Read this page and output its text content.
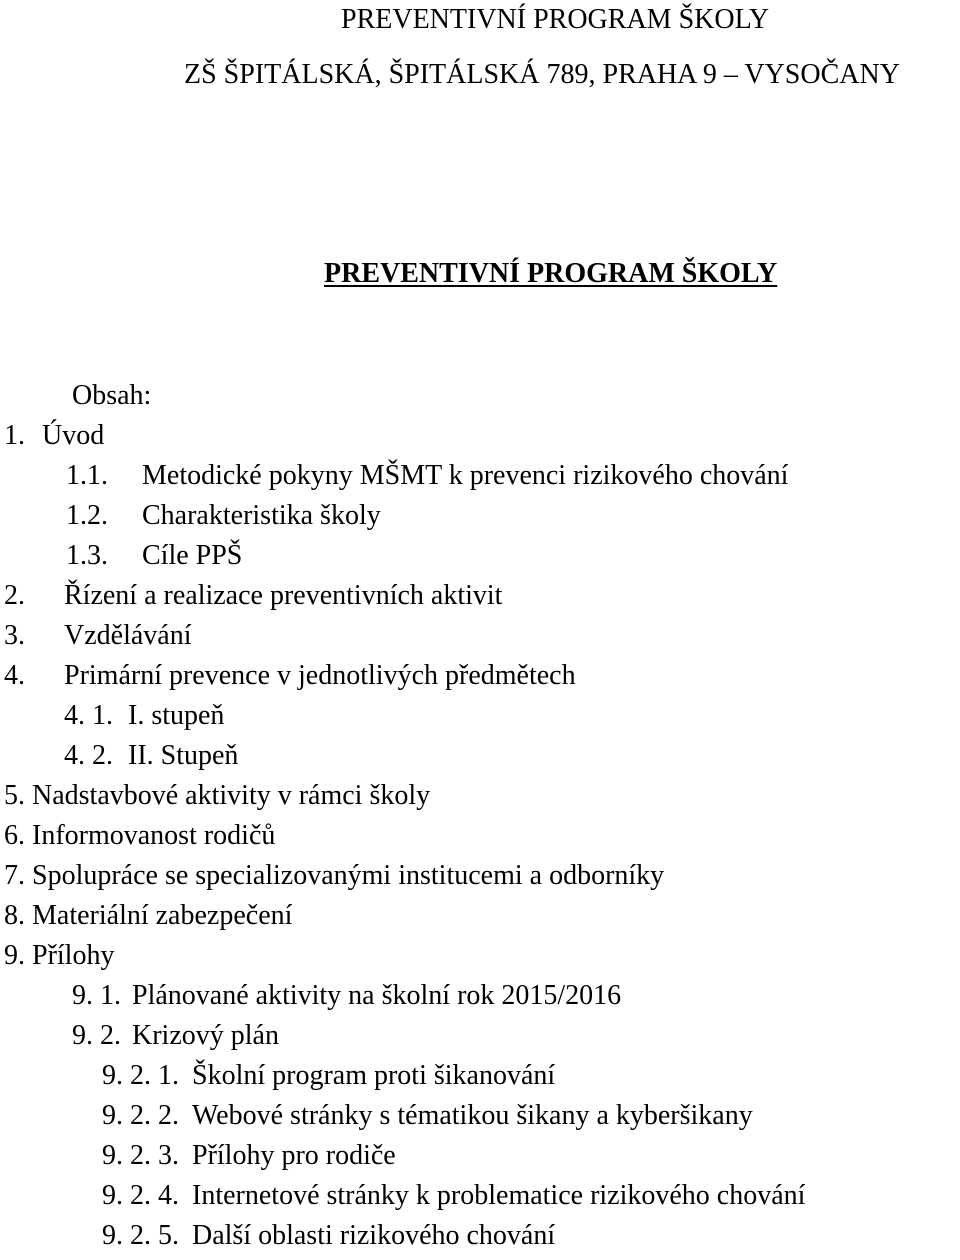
PREVENTIVNÍ PROGRAM ŠKOLY
ZŠ ŠPITÁLSKÁ, ŠPITÁLSKÁ 789, PRAHA 9 – VYSOČANY
PREVENTIVNÍ PROGRAM ŠKOLY
Obsah:
1. Úvod
1.1. Metodické pokyny MŠMT k prevenci rizikového chování
1.2. Charakteristika školy
1.3. Cíle PPŠ
2. Řízení a realizace preventivních aktivit
3. Vzdělávání
4. Primární prevence v jednotlivých předmětech
4. 1. I. stupeň
4. 2. II. Stupeň
5. Nadstavbové aktivity v rámci školy
6. Informovanost rodičů
7. Spolupráce se specializovanými institucemi a odborníky
8. Materiální zabezpečení
9. Přílohy
9. 1. Plánované aktivity na školní rok 2015/2016
9. 2. Krizový plán
9. 2. 1. Školní program proti šikanování
9. 2. 2. Webové stránky s tématikou šikany a kyberšikany
9. 2. 3. Přílohy pro rodiče
9. 2. 4. Internetové stránky k problematice rizikového chování
9. 2. 5. Další oblasti rizikového chování
